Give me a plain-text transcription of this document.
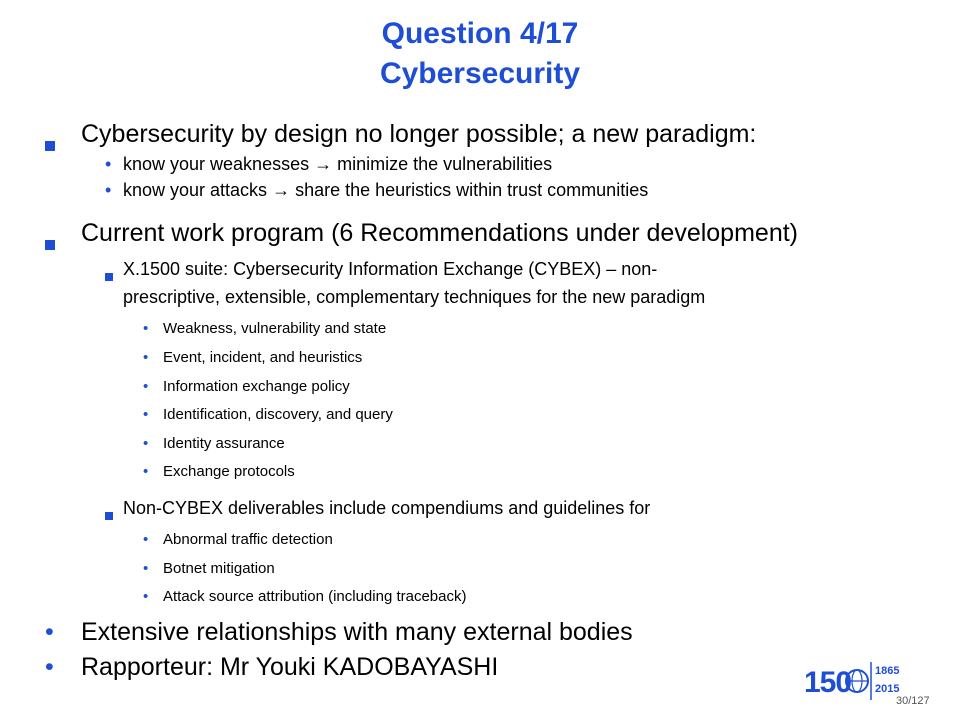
Question 4/17
Cybersecurity
Cybersecurity by design no longer possible; a new paradigm:
• know your weaknesses → minimize the vulnerabilities
• know your attacks → share the heuristics within trust communities
Current work program (6 Recommendations under development)
X.1500 suite: Cybersecurity Information Exchange (CYBEX) – non-
prescriptive, extensible, complementary techniques for the new paradigm
• Weakness, vulnerability and state
• Event, incident, and heuristics
• Information exchange policy
• Identification, discovery, and query
• Identity assurance
• Exchange protocols
Non-CYBEX deliverables include compendiums and guidelines for
• Abnormal traffic detection
• Botnet mitigation
• Attack source attribution (including traceback)
• Extensive relationships with many external bodies
• Rapporteur: Mr Youki KADOBAYASHI	150 1865
2015
30/127
